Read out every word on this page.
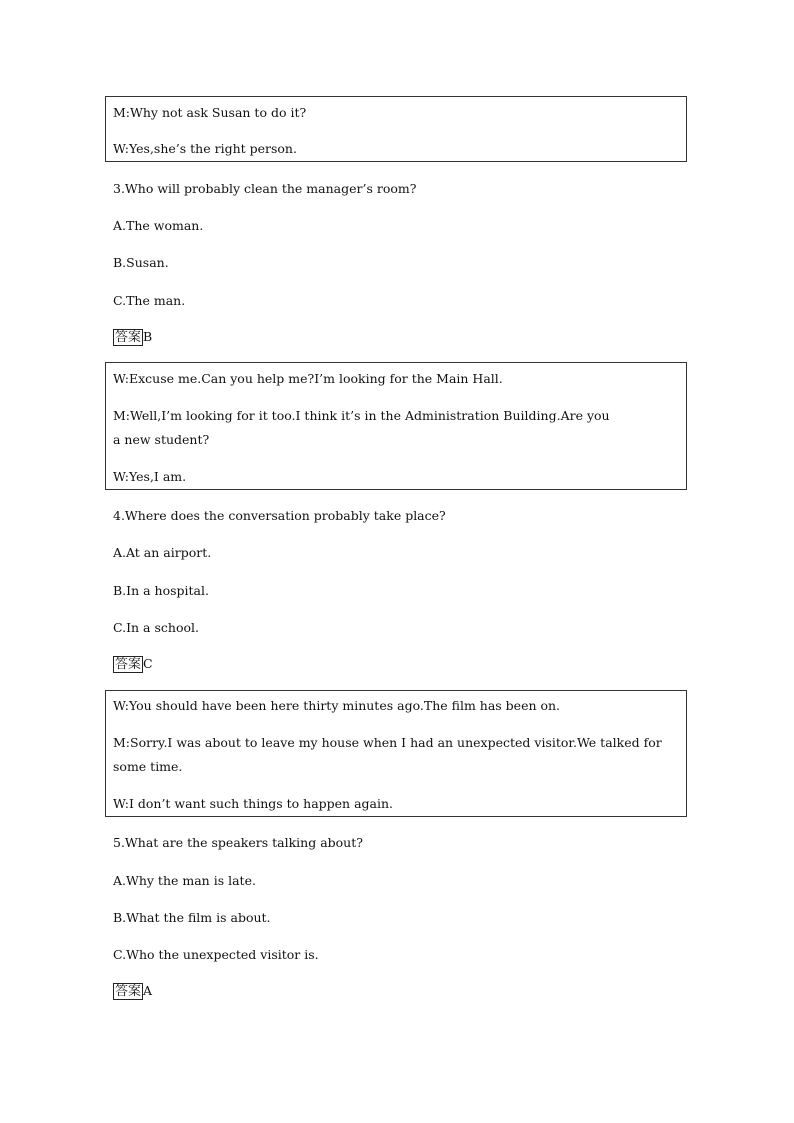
M:Why not ask Susan to do it?
W:Yes,she’s the right person.
3.Who will probably clean the manager’s room?
A.The woman.
B.Susan.
C.The man.
答案 B
W:Excuse me.Can you help me?I’m looking for the Main Hall.
M:Well,I’m looking for it too.I think it’s in the Administration Building.Are you
a new student?
W:Yes,I am.
4.Where does the conversation probably take place?
A.At an airport.
B.In a hospital.
C.In a school.
答案 C
W:You should have been here thirty minutes ago.The film has been on.
M:Sorry.I was about to leave my house when I had an unexpected visitor.We talked for
some time.
W:I don’t want such things to happen again.
5.What are the speakers talking about?
A.Why the man is late.
B.What the film is about.
C.Who the unexpected visitor is.
答案 A
